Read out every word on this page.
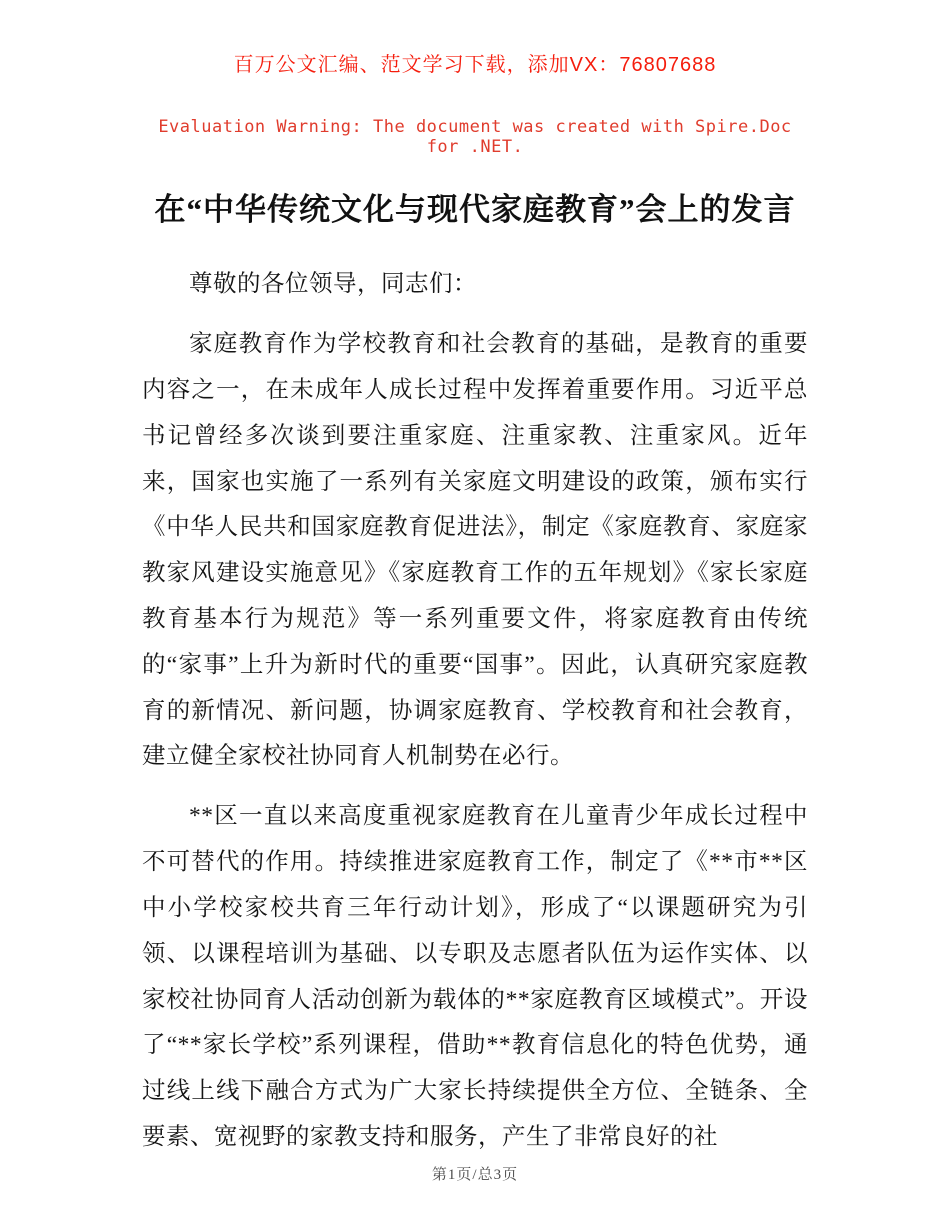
百万公文汇编、范文学习下载，添加VX：76807688
Evaluation Warning: The document was created with Spire.Doc for .NET.
在“中华传统文化与现代家庭教育”会上的发言

尊敬的各位领导，同志们：

家庭教育作为学校教育和社会教育的基础，是教育的重要内容之一，在未成年人成长过程中发挥着重要作用。习近平总书记曾经多次谈到要注重家庭、注重家教、注重家风。近年来，国家也实施了一系列有关家庭文明建设的政策，颁布实行《中华人民共和国家庭教育促进法》，制定《家庭教育、家庭家教家风建设实施意见》《家庭教育工作的五年规划》《家长家庭教育基本行为规范》等一系列重要文件，将家庭教育由传统的“家事”上升为新时代的重要“国事”。因此，认真研究家庭教育的新情况、新问题，协调家庭教育、学校教育和社会教育，建立健全家校社协同育人机制势在必行。

**区一直以来高度重视家庭教育在儿童青少年成长过程中不可替代的作用。持续推进家庭教育工作，制定了《**市**区中小学校家校共育三年行动计划》，形成了“以课题研究为引领、以课程培训为基础、以专职及志愿者队伍为运作实体、以家校社协同育人活动创新为载体的**家庭教育区域模式”。开设了“**家长学校”系列课程，借助**教育信息化的特色优势，通过线上线下融合方式为广大家长持续提供全方位、全链条、全要素、宽视野的家教支持和服务，产生了非常良好的社

第1页/总3页
